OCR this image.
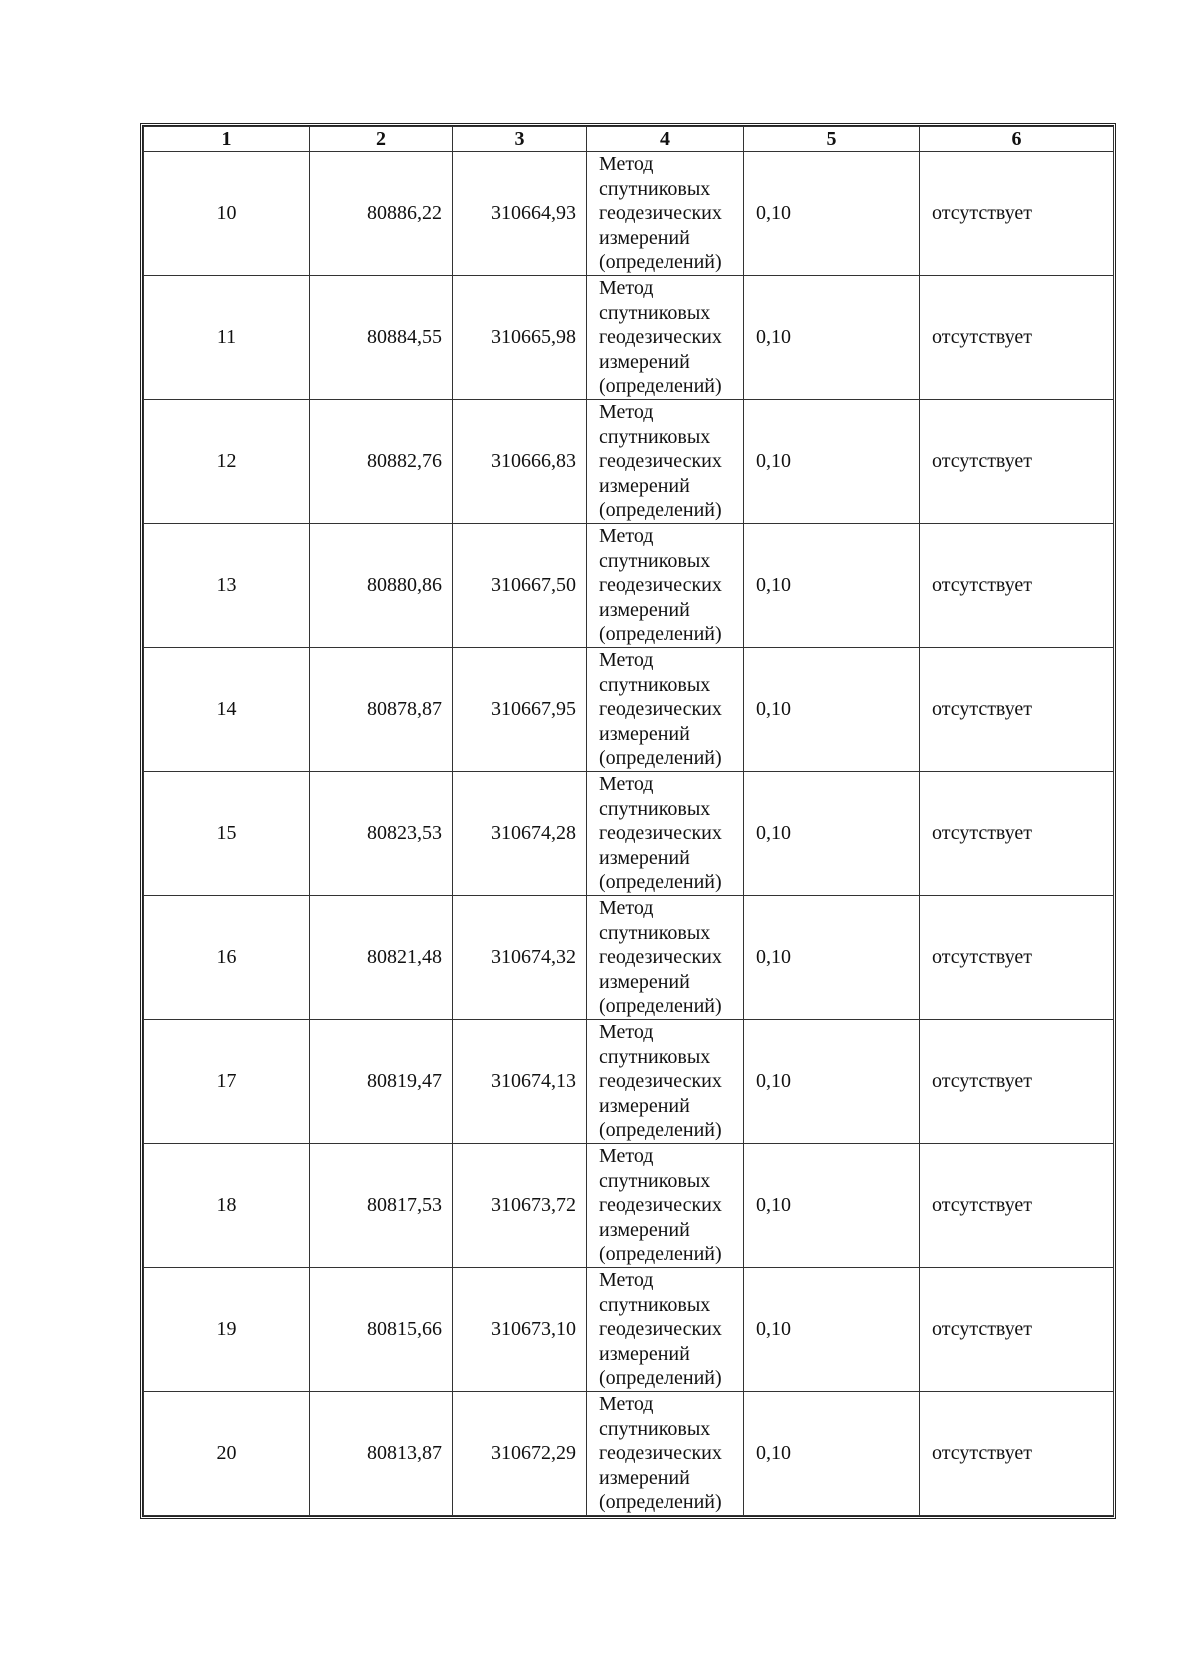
1	2	3	4	5	6
10	80886,22	310664,93	Метод
спутниковых
геодезических
измерений
(определений)	0,10	отсутствует
11	80884,55	310665,98	Метод
спутниковых
геодезических
измерений
(определений)	0,10	отсутствует
12	80882,76	310666,83	Метод
спутниковых
геодезических
измерений
(определений)	0,10	отсутствует
13	80880,86	310667,50	Метод
спутниковых
геодезических
измерений
(определений)	0,10	отсутствует
14	80878,87	310667,95	Метод
спутниковых
геодезических
измерений
(определений)	0,10	отсутствует
15	80823,53	310674,28	Метод
спутниковых
геодезических
измерений
(определений)	0,10	отсутствует
16	80821,48	310674,32	Метод
спутниковых
геодезических
измерений
(определений)	0,10	отсутствует
17	80819,47	310674,13	Метод
спутниковых
геодезических
измерений
(определений)	0,10	отсутствует
18	80817,53	310673,72	Метод
спутниковых
геодезических
измерений
(определений)	0,10	отсутствует
19	80815,66	310673,10	Метод
спутниковых
геодезических
измерений
(определений)	0,10	отсутствует
20	80813,87	310672,29	Метод
спутниковых
геодезических
измерений
(определений)	0,10	отсутствует
